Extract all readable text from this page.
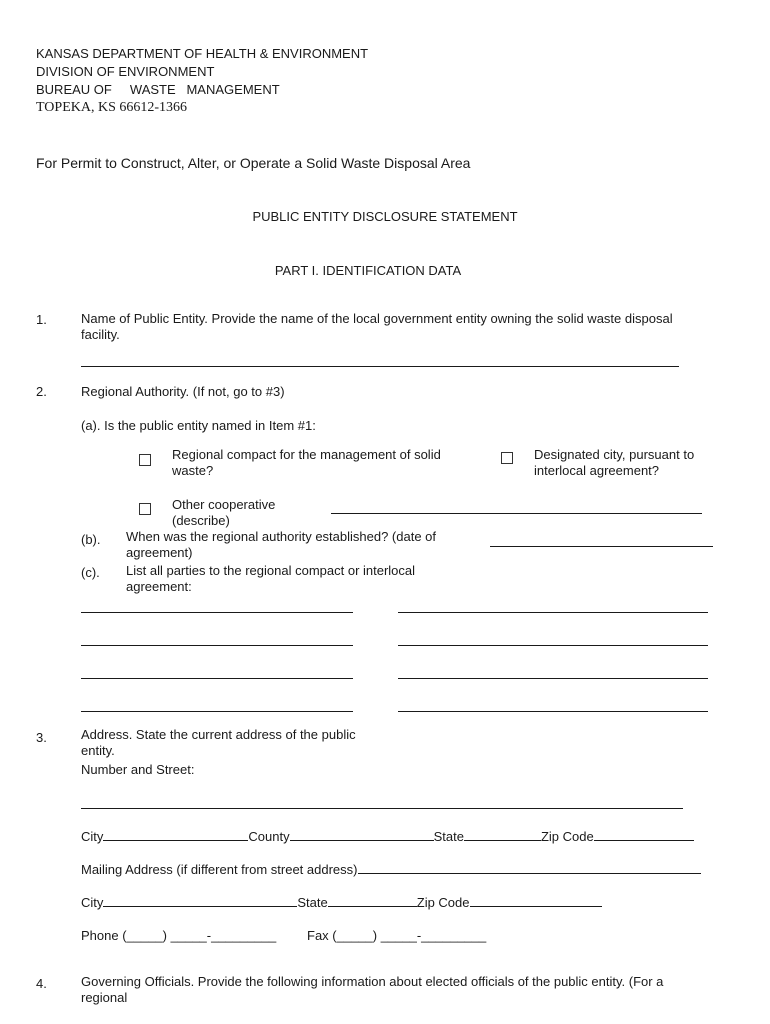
KANSAS DEPARTMENT OF HEALTH & ENVIRONMENT
DIVISION OF ENVIRONMENT
BUREAU OF     WASTE   MANAGEMENT
TOPEKA, KS 66612-1366
For Permit to Construct, Alter, or Operate a Solid Waste Disposal Area
PUBLIC ENTITY DISCLOSURE STATEMENT
PART I. IDENTIFICATION DATA
1.	Name of Public Entity. Provide the name of the local government entity owning the solid waste disposal facility.
2.	Regional Authority. (If not, go to #3)
(a). Is the public entity named in Item #1:
Regional compact for the management of solid waste?
Designated city, pursuant to interlocal agreement?
Other cooperative (describe)
(b). When was the regional authority established? (date of agreement)
(c). List all parties to the regional compact or interlocal agreement:
3.	Address. State the current address of the public entity.
Number and Street:
City	County	State	Zip Code
Mailing Address (if different from street address)
City	State	Zip Code
Phone (_____) _____-_________ Fax (_____) _____-_________
4.	Governing Officials. Provide the following information about elected officials of the public entity. (For a regional
